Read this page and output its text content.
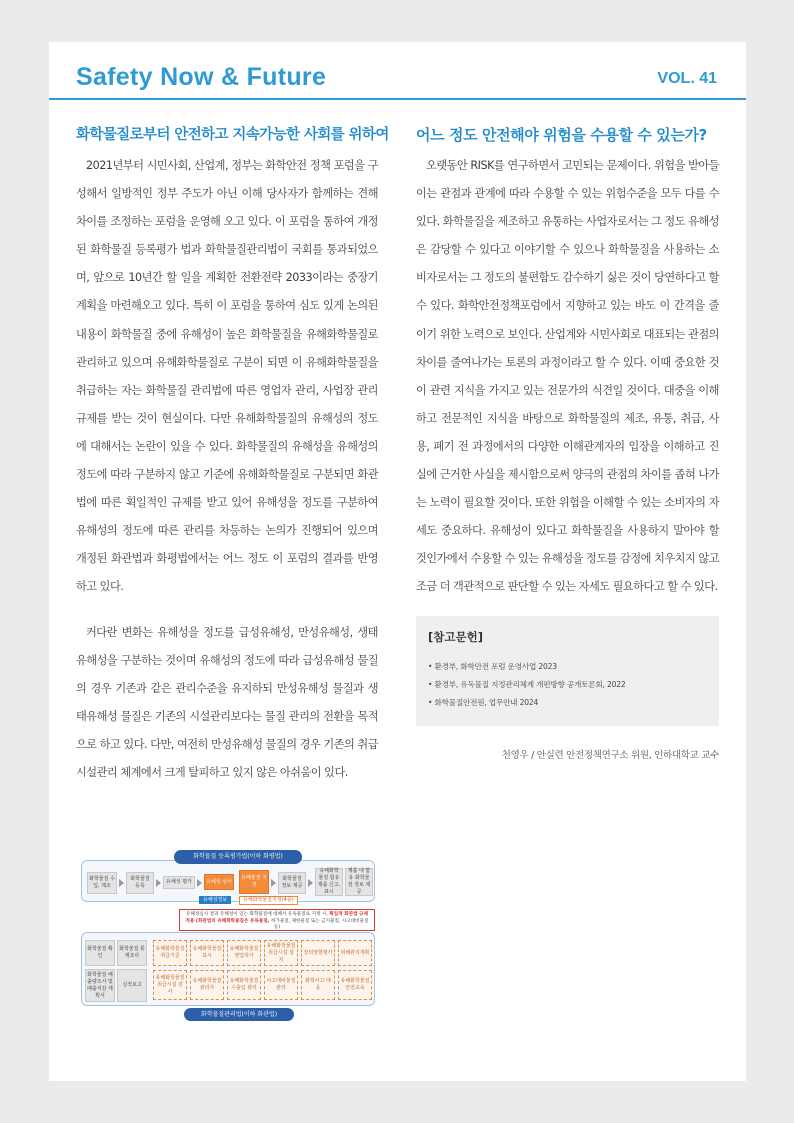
Safety Now & Future	VOL. 41
화학물질로부터 안전하고 지속가능한 사회를 위하여

2021년부터 시민사회, 산업계, 정부는 화학안전 정책 포럼을 구성해서 일방적인 정부 주도가 아닌 이해 당사자가 함께하는 견해 차이를 조정하는 포럼을 운영해 오고 있다. 이 포럼을 통하여 개정된 화학물질 등록평가 법과 화학물질관리법이 국회를 통과되었으며, 앞으로 10년간 할 일을 계획한 전환전략 2033이라는 중장기 계획을 마련해오고 있다. 특히 이 포럼을 통하여 심도 있게 논의된 내용이 화학물질 중에 유해성이 높은 화학물질을 유해화학물질로 관리하고 있으며 유해화학물질로 구분이 되면 이 유해화학물질을 취급하는 자는 화학물질 관리법에 따른 영업자 관리, 사업장 관리 규제를 받는 것이 현실이다. 다만 유해화학물질의 유해성의 정도에 대해서는 논란이 있을 수 있다. 화학물질의 유해성을 유해성의 정도에 따라 구분하지 않고 기준에 유해화학물질로 구분되면 화관법에 따른 획일적인 규제를 받고 있어 유해성을 정도를 구분하여 유해성의 정도에 따른 관리를 차등하는 논의가 진행되어 있으며 개정된 화관법과 화평법에서는 어느 정도 이 포럼의 결과를 반영하고 있다.

커다란 변화는 유해성을 정도를 급성유해성, 만성유해성, 생태유해성을 구분하는 것이며 유해성의 정도에 따라 급성유해성 물질의 경우 기존과 같은 관리수준을 유지하되 만성유해성 물질과 생태유해성 물질은 기존의 시설관리보다는 물질 관리의 전환을 목적으로 하고 있다. 다만, 여전히 만성유해성 물질의 경우 기존의 취급시설관리 체계에서 크게 탈피하고 있지 않은 아쉬움이 있다.

어느 정도 안전해야 위험을 수용할 수 있는가?

오랫동안 RISK를 연구하면서 고민되는 문제이다. 위험을 받아들이는 관점과 관계에 따라 수용할 수 있는 위험수준을 모두 다를 수 있다. 화학물질을 제조하고 유통하는 사업자로서는 그 정도 유해성은 감당할 수 있다고 이야기할 수 있으나 화학물질을 사용하는 소비자로서는 그 정도의 불편함도 감수하기 싫은 것이 당연하다고 할 수 있다. 화학안전정책포럼에서 지향하고 있는 바도 이 간격을 줄이기 위한 노력으로 보인다. 산업계와 시민사회로 대표되는 관점의 차이를 줄여나가는 토론의 과정이라고 할 수 있다. 이때 중요한 것이 관련 지식을 가지고 있는 전문가의 식견일 것이다. 대중을 이해하고 전문적인 지식을 바탕으로 화학물질의 제조, 유통, 취급, 사용, 폐기 전 과정에서의 다양한 이해관계자의 입장을 이해하고 진실에 근거한 사실을 제시함으로써 양극의 관점의 차이를 좁혀 나가는 노력이 필요할 것이다. 또한 위험을 이해할 수 있는 소비자의 자세도 중요하다. 유해성이 있다고 화학물질을 사용하지 말아야 할 것인가에서 수용할 수 있는 유해성을 정도를 감정에 치우치지 않고 조금 더 객관적으로 판단할 수 있는 자세도 필요하다고 할 수 있다.

[참고문헌]
• 환경부, 화학안전 포럼 운영사업 2023
• 환경부, 유독물질 지정관리체계 개편방향 공개토론회, 2022
• 화학물질안전원, 업무안내 2024
천영우 / 안실련 안전정책연구소 위원, 인하대학교 교수
화학물질 등록평가법(이하 화평법)
화학물질 수입, 제조
화학물질 등록
유해성 평가	유해성 심사
유해물질 지정
화학물질 정보 제공
유해화학물질 함유제품 신고, 표시
제품 내 함유 화학물질 정보 제공
유해성정보	유해화학물질지정(4종)
유해성심사 결과 유해성이 있는 화학물질에 대해서 유독물질로 지정 시, 획일적 화관법 규제 적용 (화관법의 유해화학물질은 유독물질, 허가물질, 제한물질 또는 금지물질, 사고대비물질 등)
화학물질 확인
화학물질 통계조사
화학물질 배출량조사 및 배출저감 계획서
실적보고
유해화학물질 취급기준
유해화학물질 표시
유해화학물질 영업허가
유해화학물질 취급시설 설치
장외영향평가	위해관리계획
유해화학물질 취급시설 검사
유해화학물질 관리자
유해화학물질 수출입 관리
사고대비물질 관리
화학사고 대응
유해화학물질 안전교육
화학물질관리법(이하 화관법)
